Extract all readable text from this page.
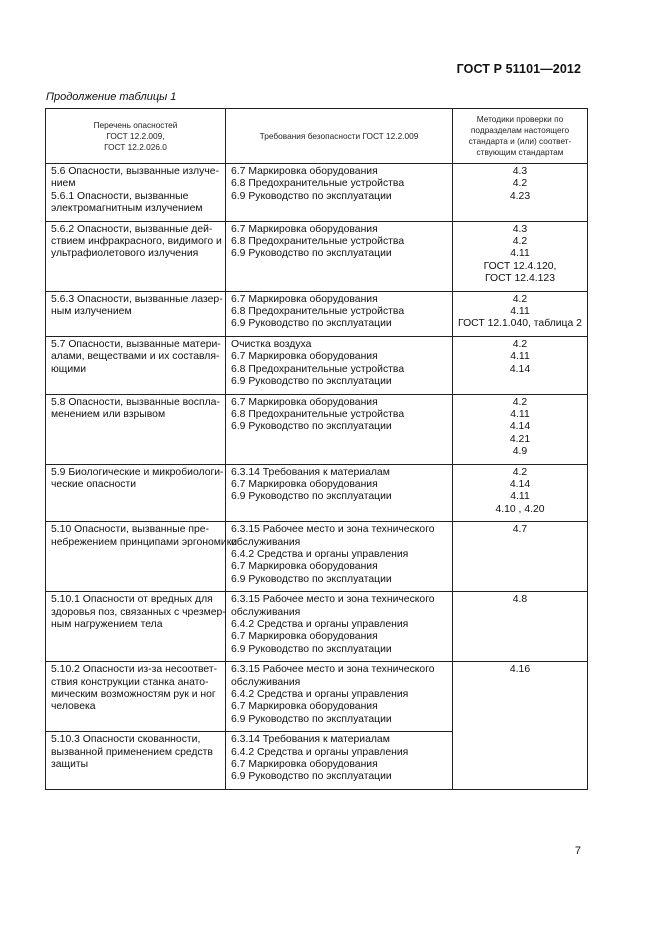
ГОСТ Р 51101—2012
Продолжение таблицы 1
Перечень опасностей
ГОСТ 12.2.009,
ГОСТ 12.2.026.0	Требования безопасности ГОСТ 12.2.009	Методики проверки по
подразделам настоящего
стандарта и (или) соответ-
ствующим стандартам

5.6 Опасности, вызванные излуче-
нием
5.6.1 Опасности, вызванные
электромагнитным излучением	6.7 Маркировка оборудования
6.8 Предохранительные устройства
6.9 Руководство по эксплуатации	4.3
4.2
4.23

5.6.2 Опасности, вызванные дей-
ствием инфракрасного, видимого и
ультрафиолетового излучения	6.7 Маркировка оборудования
6.8 Предохранительные устройства
6.9 Руководство по эксплуатации	4.3
4.2
4.11
ГОСТ 12.4.120,
ГОСТ 12.4.123

5.6.3 Опасности, вызванные лазер-
ным излучением	6.7 Маркировка оборудования
6.8 Предохранительные устройства
6.9 Руководство по эксплуатации	4.2
4.11
ГОСТ 12.1.040, таблица 2

5.7 Опасности, вызванные матери-
алами, веществами и их составля-
ющими	Очистка воздуха
6.7 Маркировка оборудования
6.8 Предохранительные устройства
6.9 Руководство по эксплуатации	4.2
4.11
4.14

5.8 Опасности, вызванные воспла-
менением или взрывом	6.7 Маркировка оборудования
6.8 Предохранительные устройства
6.9 Руководство по эксплуатации	4.2
4.11
4.14
4.21
4.9

5.9 Биологические и микробиологи-
ческие опасности	6.3.14 Требования к материалам
6.7 Маркировка оборудования
6.9 Руководство по эксплуатации	4.2
4.14
4.11
4.10 , 4.20

5.10 Опасности, вызванные пре-
небрежением принципами эргономики	6.3.15 Рабочее место и зона технического
обслуживания
6.4.2 Средства и органы управления
6.7 Маркировка оборудования
6.9 Руководство по эксплуатации	4.7

5.10.1 Опасности от вредных для
здоровья поз, связанных с чрезмер-
ным нагружением тела	6.3.15 Рабочее место и зона технического
обслуживания
6.4.2 Средства и органы управления
6.7 Маркировка оборудования
6.9 Руководство по эксплуатации	4.8

5.10.2 Опасности из-за несоответ-
ствия конструкции станка анато-
мическим возможностям рук и ног
человека	6.3.15 Рабочее место и зона технического
обслуживания
6.4.2 Средства и органы управления
6.7 Маркировка оборудования
6.9 Руководство по эксплуатации	4.16

5.10.3 Опасности скованности,
вызванной применением средств
защиты	6.3.14 Требования к материалам
6.4.2 Средства и органы управления
6.7 Маркировка оборудования
6.9 Руководство по эксплуатации	

7
